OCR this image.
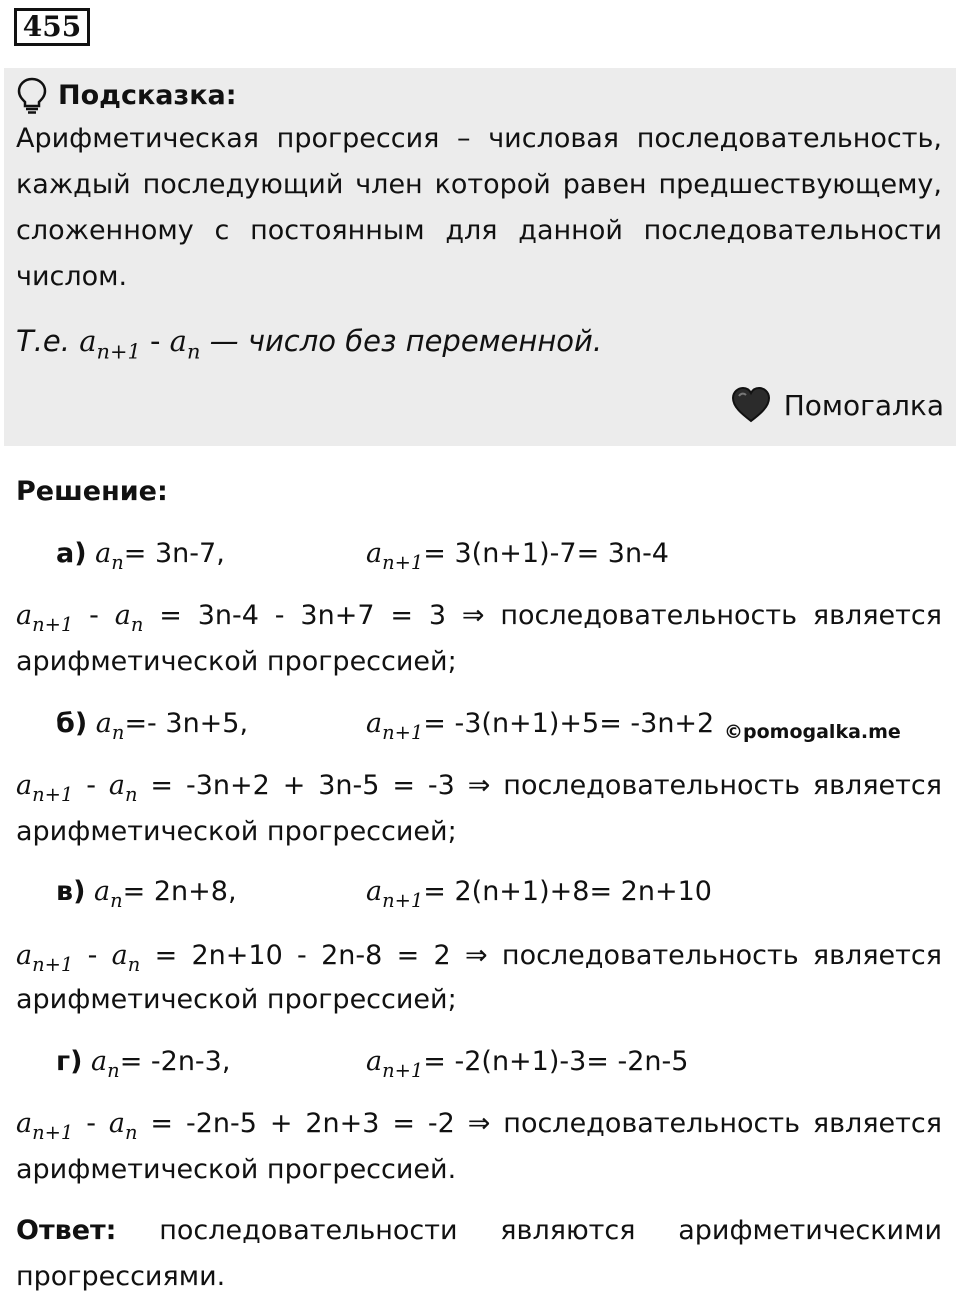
455
Подсказка:
Арифметическая прогрессия – числовая последовательность, каждый последующий член которой равен предшествующему, сложенному с постоянным для данной последовательности числом.
Т.е. $a_{n+1} - a_n$ — число без переменной.
Помогалка
Решение:
а) $a_n= 3n-7$,	$a_{n+1}= 3(n+1)-7= 3n-4$
$a_{n+1} - a_n = 3n-4 - 3n+7 = 3$ ⇒ последовательность является
арифметической прогрессией;
б) $a_n=-$ 3n+5,	$a_{n+1}= -3(n+1)+5= -3n+2$ ©pomogalka.me
$a_{n+1} - a_n = -3n+2 + 3n-5 = -3$ ⇒ последовательность является
арифметической прогрессией;
в) $a_n= 2n+8$,	$a_{n+1}= 2(n+1)+8= 2n+10$
$a_{n+1} - a_n = 2n+10 - 2n-8 = 2$ ⇒ последовательность является
арифметической прогрессией;
г) $a_n= -2n-3$,	$a_{n+1}= -2(n+1)-3= -2n-5$
$a_{n+1} - a_n = -2n-5 + 2n+3 = -2$ ⇒ последовательность является
арифметической прогрессией.
Ответ: последовательности являются арифметическими прогрессиями.
